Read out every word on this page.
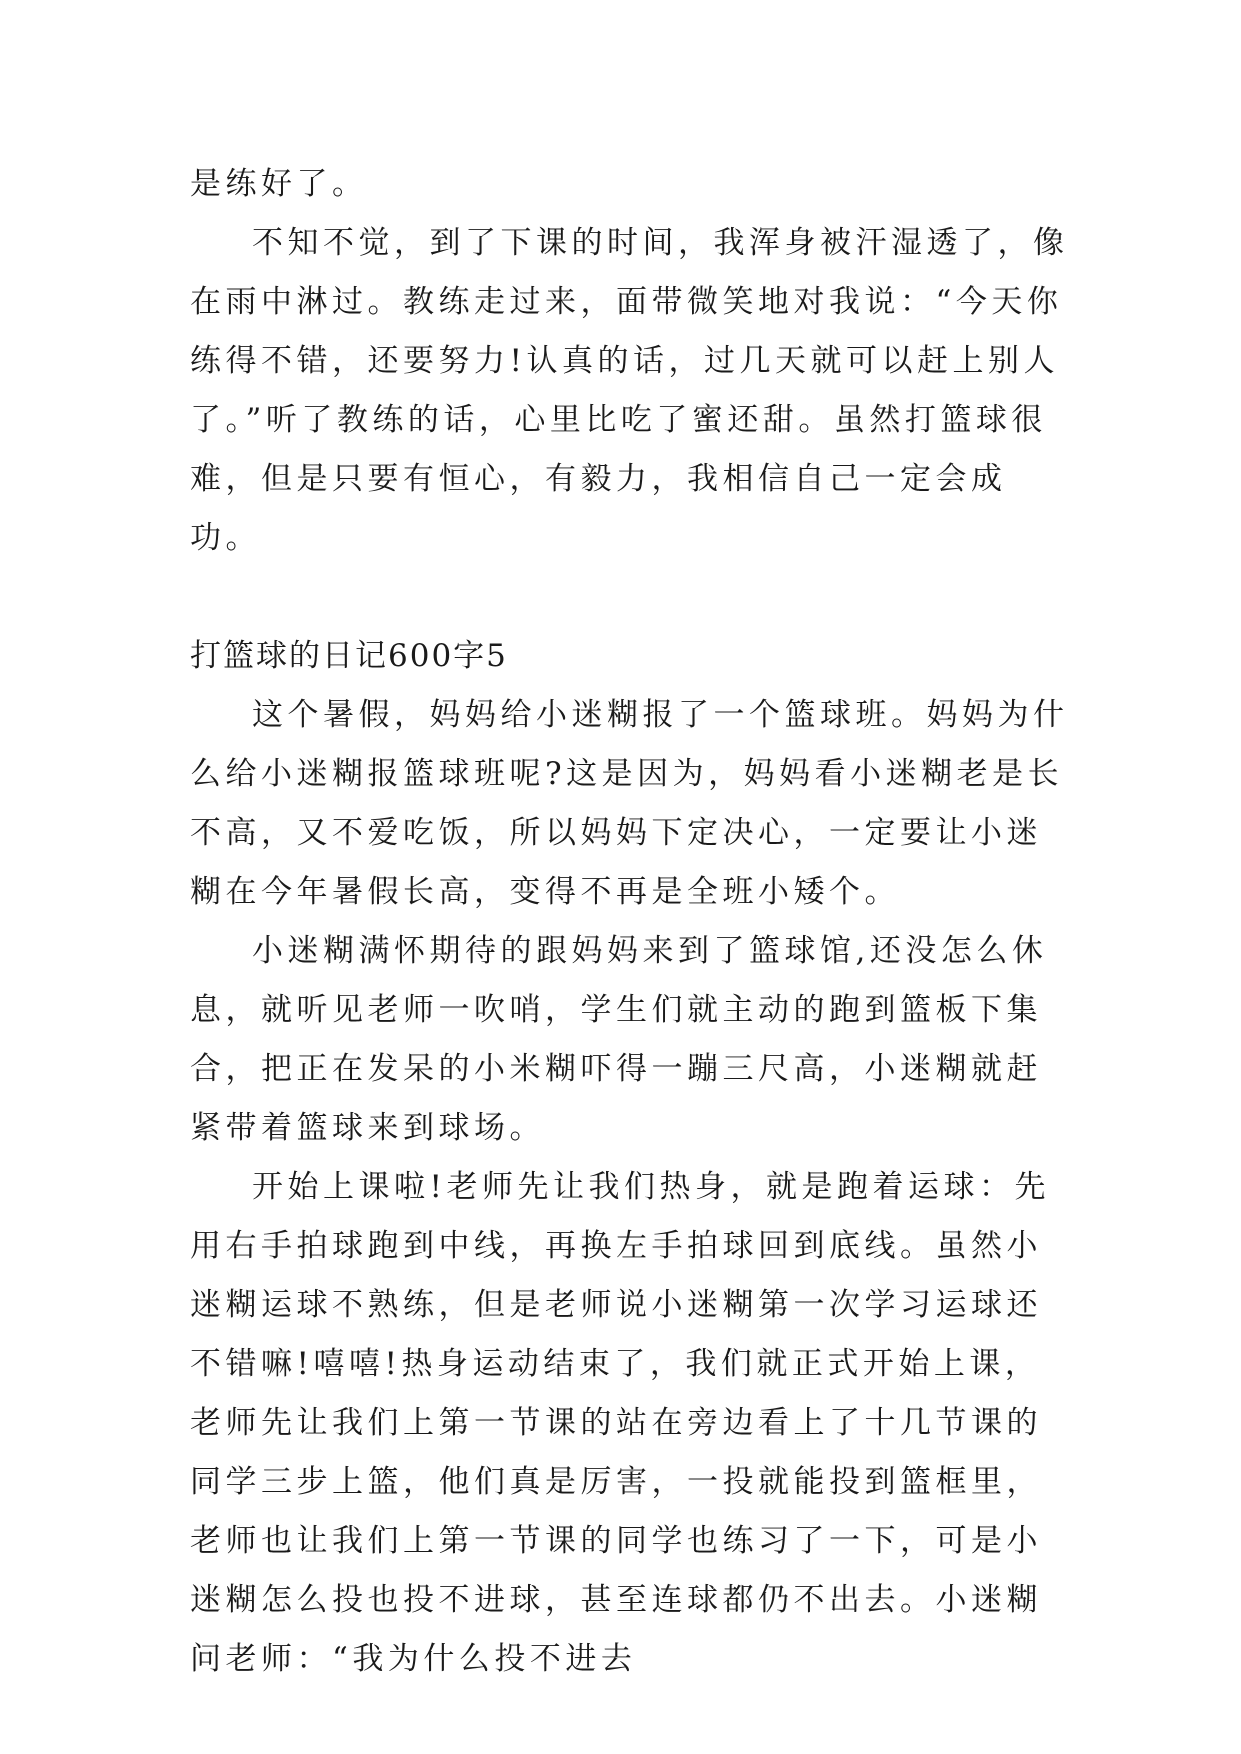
是练好了。

不知不觉，到了下课的时间，我浑身被汗湿透了，像在雨中淋过。教练走过来，面带微笑地对我说：“今天你练得不错，还要努力!认真的话，过几天就可以赶上别人了。”听了教练的话，心里比吃了蜜还甜。虽然打篮球很难，但是只要有恒心，有毅力，我相信自己一定会成功。

打篮球的日记600字5

这个暑假，妈妈给小迷糊报了一个篮球班。妈妈为什么给小迷糊报篮球班呢?这是因为，妈妈看小迷糊老是长不高，又不爱吃饭，所以妈妈下定决心，一定要让小迷糊在今年暑假长高，变得不再是全班小矮个。

小迷糊满怀期待的跟妈妈来到了篮球馆,还没怎么休息，就听见老师一吹哨，学生们就主动的跑到篮板下集合，把正在发呆的小米糊吓得一蹦三尺高，小迷糊就赶紧带着篮球来到球场。

开始上课啦!老师先让我们热身，就是跑着运球：先用右手拍球跑到中线，再换左手拍球回到底线。虽然小迷糊运球不熟练，但是老师说小迷糊第一次学习运球还不错嘛!嘻嘻!热身运动结束了，我们就正式开始上课，老师先让我们上第一节课的站在旁边看上了十几节课的同学三步上篮，他们真是厉害，一投就能投到篮框里，老师也让我们上第一节课的同学也练习了一下，可是小迷糊怎么投也投不进球，甚至连球都仍不出去。小迷糊问老师：“我为什么投不进去
